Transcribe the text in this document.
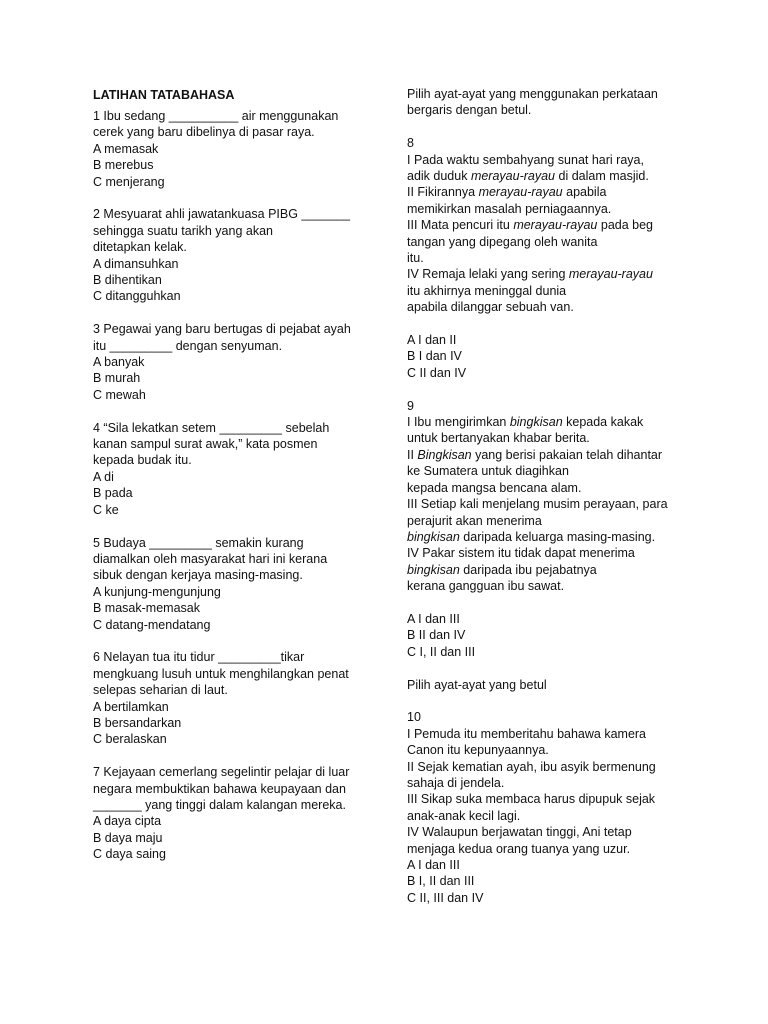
LATIHAN TATABAHASA
1 Ibu sedang __________ air menggunakan
cerek yang baru dibelinya di pasar raya.
A memasak
B merebus
C menjerang
2 Mesyuarat ahli jawatankuasa PIBG _______
sehingga suatu tarikh yang akan
ditetapkan kelak.
A dimansuhkan
B dihentikan
C ditangguhkan
3 Pegawai yang baru bertugas di pejabat ayah
itu _________ dengan senyuman.
A banyak
B murah
C mewah
4 “Sila lekatkan setem _________ sebelah
kanan sampul surat awak,” kata posmen
kepada budak itu.
A di
B pada
C ke
5 Budaya _________ semakin kurang
diamalkan oleh masyarakat hari ini kerana
sibuk dengan kerjaya masing-masing.
A kunjung-mengunjung
B masak-memasak
C datang-mendatang
6 Nelayan tua itu tidur _________tikar
mengkuang lusuh untuk menghilangkan penat
selepas seharian di laut.
A bertilamkan
B bersandarkan
C beralaskan
7 Kejayaan cemerlang segelintir pelajar di luar
negara membuktikan bahawa keupayaan dan
_______ yang tinggi dalam kalangan mereka.
A daya cipta
B daya maju
C daya saing
Pilih ayat-ayat yang menggunakan perkataan
bergaris dengan betul.
8
I Pada waktu sembahyang sunat hari raya,
adik duduk merayau-rayau di dalam masjid.
II Fikirannya merayau-rayau apabila
memikirkan masalah perniagaannya.
III Mata pencuri itu merayau-rayau pada beg
tangan yang dipegang oleh wanita
itu.
IV Remaja lelaki yang sering merayau-rayau
itu akhirnya meninggal dunia
apabila dilanggar sebuah van.
A I dan II
B I dan IV
C II dan IV
9
I Ibu mengirimkan bingkisan kepada kakak
untuk bertanyakan khabar berita.
II Bingkisan yang berisi pakaian telah dihantar
ke Sumatera untuk diagihkan
kepada mangsa bencana alam.
III Setiap kali menjelang musim perayaan, para
perajurit akan menerima
bingkisan daripada keluarga masing-masing.
IV Pakar sistem itu tidak dapat menerima
bingkisan daripada ibu pejabatnya
kerana gangguan ibu sawat.
A I dan III
B II dan IV
C I, II dan III
Pilih ayat-ayat yang betul
10
I Pemuda itu memberitahu bahawa kamera
Canon itu kepunyaannya.
II Sejak kematian ayah, ibu asyik bermenung
sahaja di jendela.
III Sikap suka membaca harus dipupuk sejak
anak-anak kecil lagi.
IV Walaupun berjawatan tinggi, Ani tetap
menjaga kedua orang tuanya yang uzur.
A I dan III
B I, II dan III
C II, III dan IV
